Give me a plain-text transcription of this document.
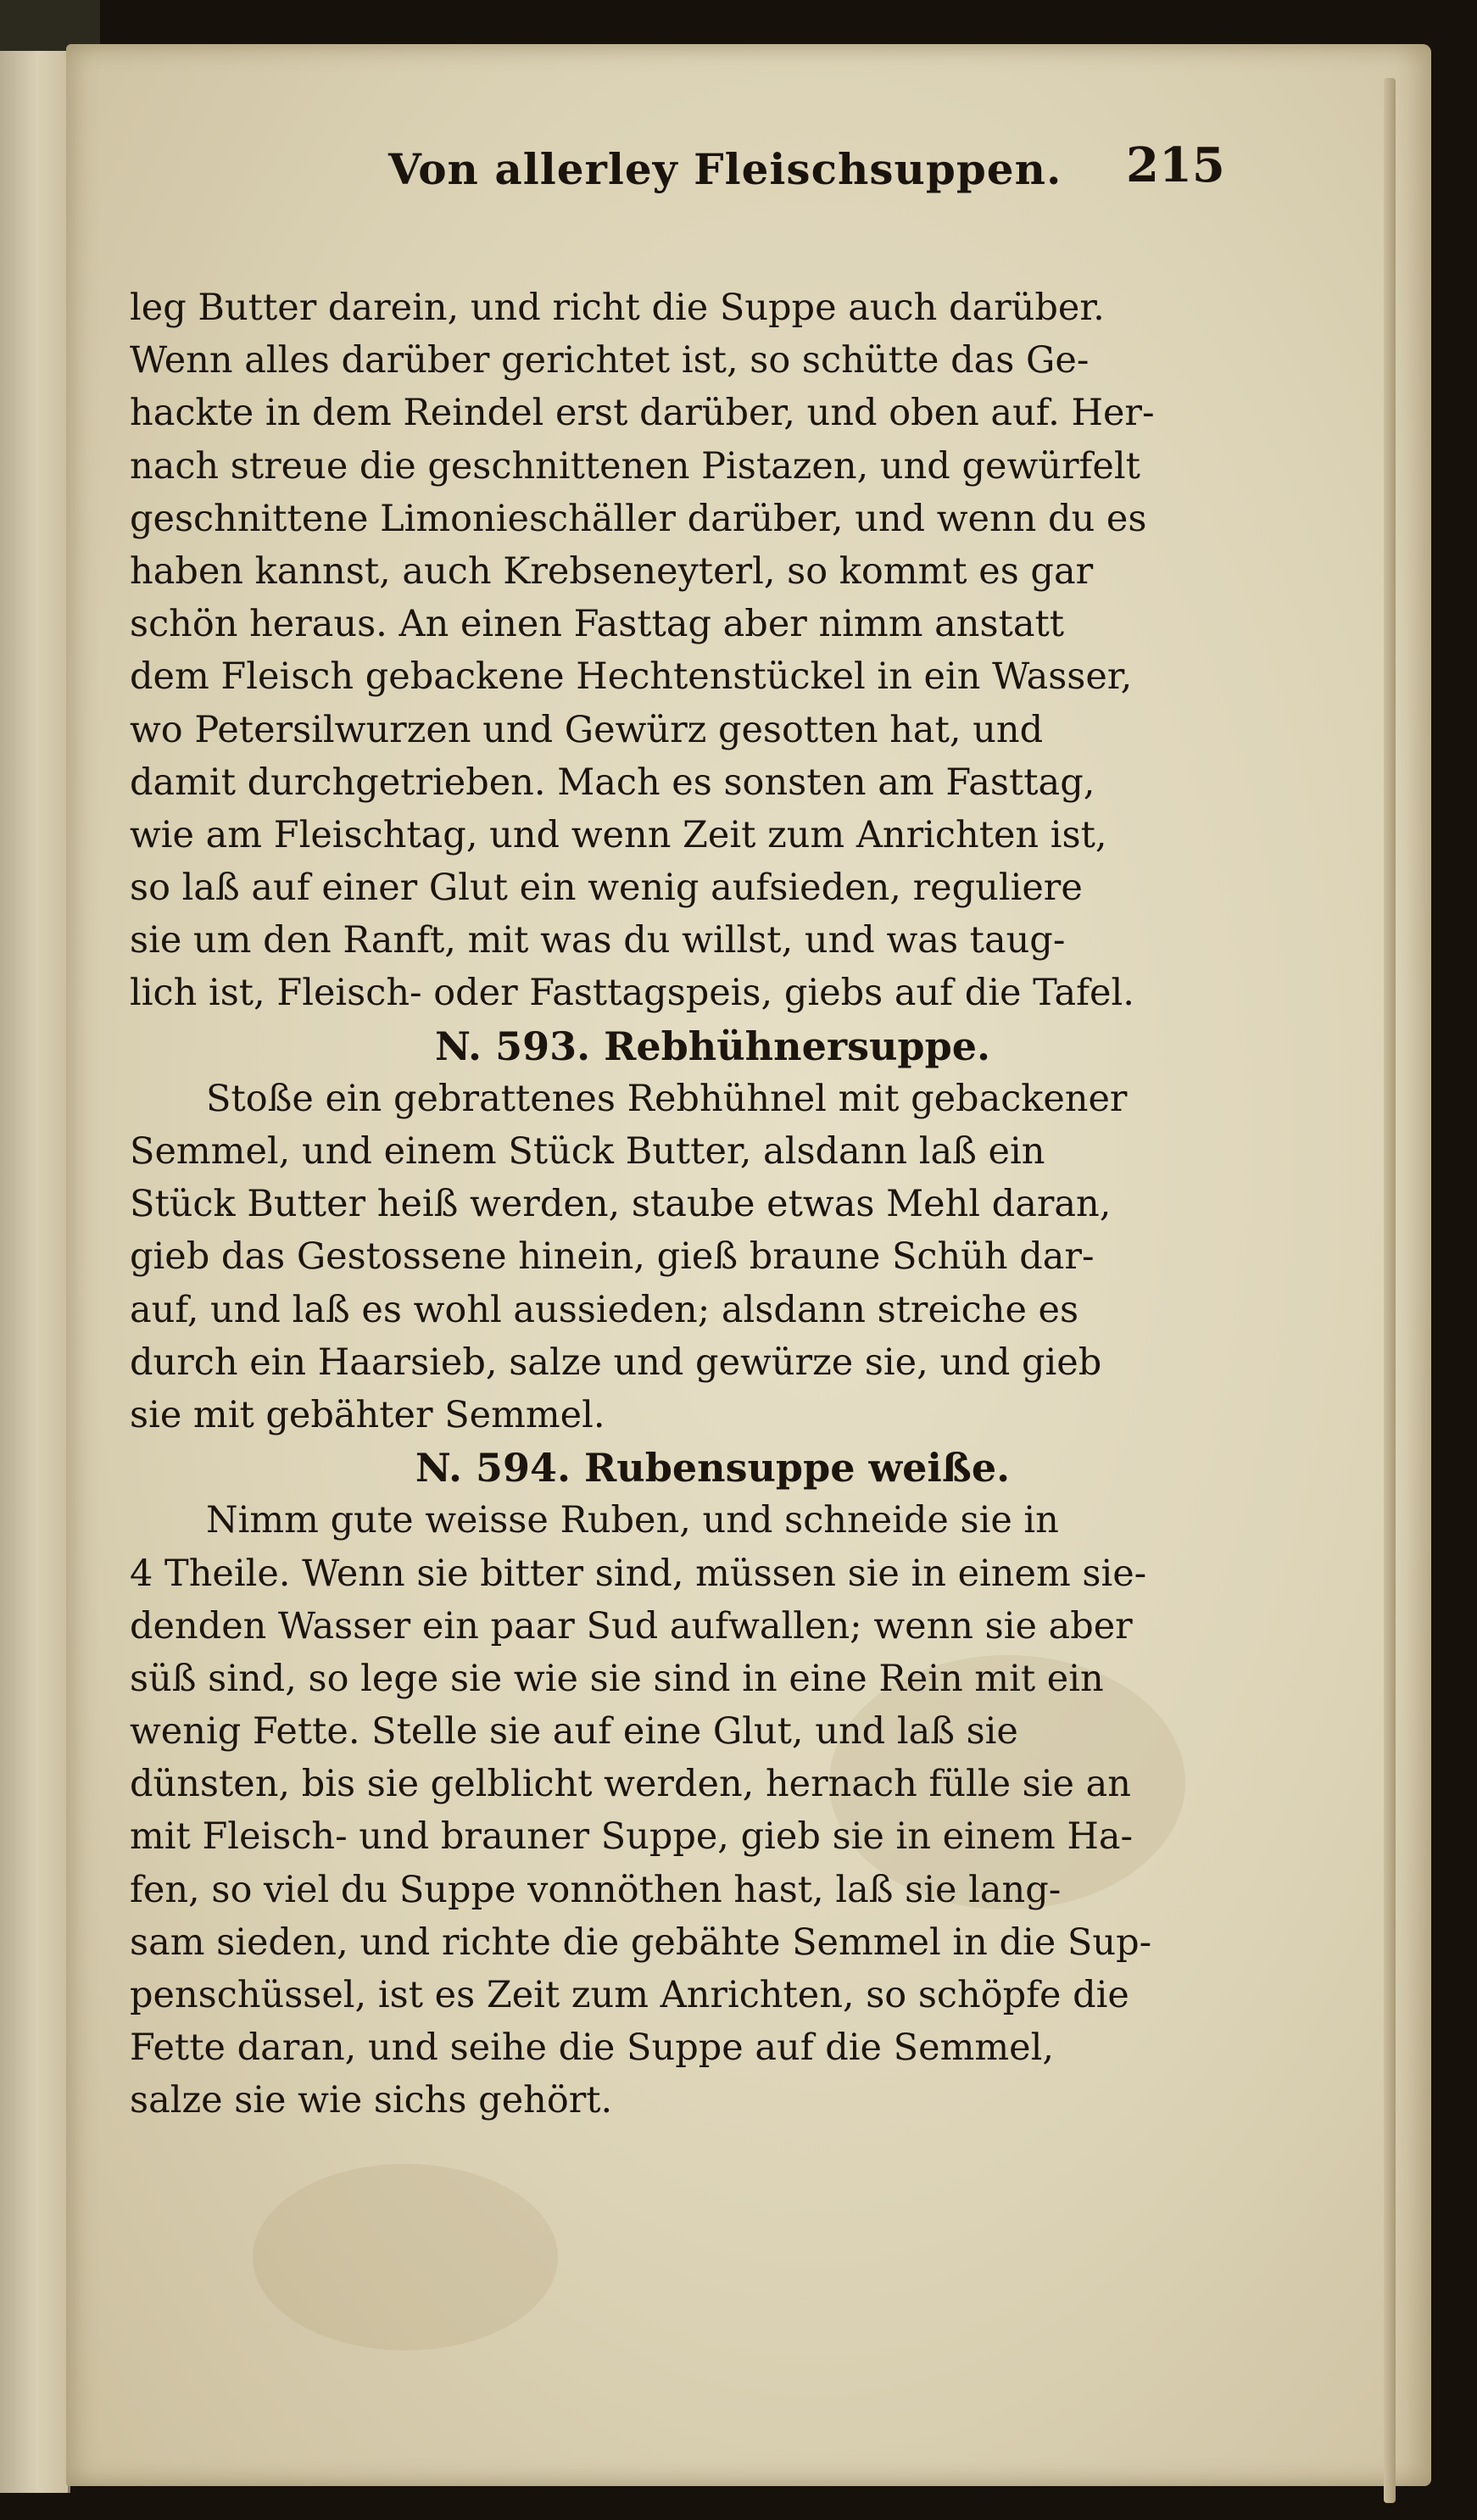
Von allerley Fleischsuppen. 215
leg Butter darein, und richt die Suppe auch darüber.
Wenn alles darüber gerichtet ist, so schütte das Ge-
hackte in dem Reindel erst darüber, und oben auf. Her-
nach streue die geschnittenen Pistazen, und gewürfelt
geschnittene Limonieschäller darüber, und wenn du es
haben kannst, auch Krebseneyterl, so kommt es gar
schön heraus. An einen Fasttag aber nimm anstatt
dem Fleisch gebackene Hechtenstückel in ein Wasser,
wo Petersilwurzen und Gewürz gesotten hat, und
damit durchgetrieben. Mach es sonsten am Fasttag,
wie am Fleischtag, und wenn Zeit zum Anrichten ist,
so laß auf einer Glut ein wenig aufsieden, reguliere
sie um den Ranft, mit was du willst, und was taug-
lich ist, Fleisch- oder Fasttagspeis, giebs auf die Tafel.
N. 593. Rebhühnersuppe.
Stoße ein gebrattenes Rebhühnel mit gebackener
Semmel, und einem Stück Butter, alsdann laß ein
Stück Butter heiß werden, staube etwas Mehl daran,
gieb das Gestossene hinein, gieß braune Schüh dar-
auf, und laß es wohl aussieden; alsdann streiche es
durch ein Haarsieb, salze und gewürze sie, und gieb
sie mit gebähter Semmel.
N. 594. Rubensuppe weiße.
Nimm gute weisse Ruben, und schneide sie in
4 Theile. Wenn sie bitter sind, müssen sie in einem sie-
denden Wasser ein paar Sud aufwallen; wenn sie aber
süß sind, so lege sie wie sie sind in eine Rein mit ein
wenig Fette. Stelle sie auf eine Glut, und laß sie
dünsten, bis sie gelblicht werden, hernach fülle sie an
mit Fleisch- und brauner Suppe, gieb sie in einem Ha-
fen, so viel du Suppe vonnöthen hast, laß sie lang-
sam sieden, und richte die gebähte Semmel in die Sup-
penschüssel, ist es Zeit zum Anrichten, so schöpfe die
Fette daran, und seihe die Suppe auf die Semmel,
salze sie wie sichs gehört.
